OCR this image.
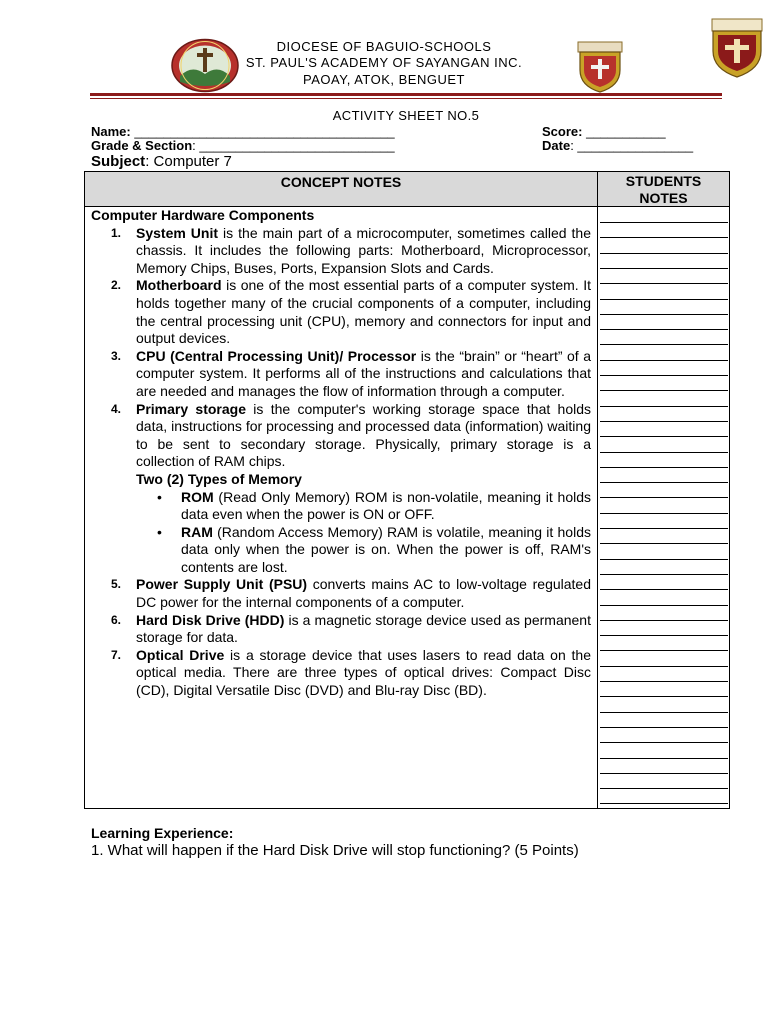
DIOCESE OF BAGUIO-SCHOOLS
ST. PAUL'S ACADEMY OF SAYANGAN INC.
PAOAY, ATOK, BENGUET
ACTIVITY SHEET NO.5
Name: ____________________________________	Score: ___________
Grade & Section: ___________________________	Date: ________________
Subject: Computer 7
CONCEPT NOTES	STUDENTS
NOTES
Computer Hardware Components
1. System Unit is the main part of a microcomputer, sometimes called the chassis. It includes the following parts: Motherboard, Microprocessor, Memory Chips, Buses, Ports, Expansion Slots and Cards.
2. Motherboard is one of the most essential parts of a computer system. It holds together many of the crucial components of a computer, including the central processing unit (CPU), memory and connectors for input and output devices.
3. CPU (Central Processing Unit)/ Processor is the “brain” or “heart” of a computer system. It performs all of the instructions and calculations that are needed and manages the flow of information through a computer.
4. Primary storage is the computer's working storage space that holds data, instructions for processing and processed data (information) waiting to be sent to secondary storage. Physically, primary storage is a collection of RAM chips.
Two (2) Types of Memory
• ROM (Read Only Memory) ROM is non-volatile, meaning it holds data even when the power is ON or OFF.
• RAM (Random Access Memory) RAM is volatile, meaning it holds data only when the power is on. When the power is off, RAM's contents are lost.
5. Power Supply Unit (PSU) converts mains AC to low-voltage regulated DC power for the internal components of a computer.
6. Hard Disk Drive (HDD) is a magnetic storage device used as permanent storage for data.
7. Optical Drive is a storage device that uses lasers to read data on the optical media. There are three types of optical drives: Compact Disc (CD), Digital Versatile Disc (DVD) and Blu-ray Disc (BD).
Learning Experience:
1. What will happen if the Hard Disk Drive will stop functioning? (5 Points)
